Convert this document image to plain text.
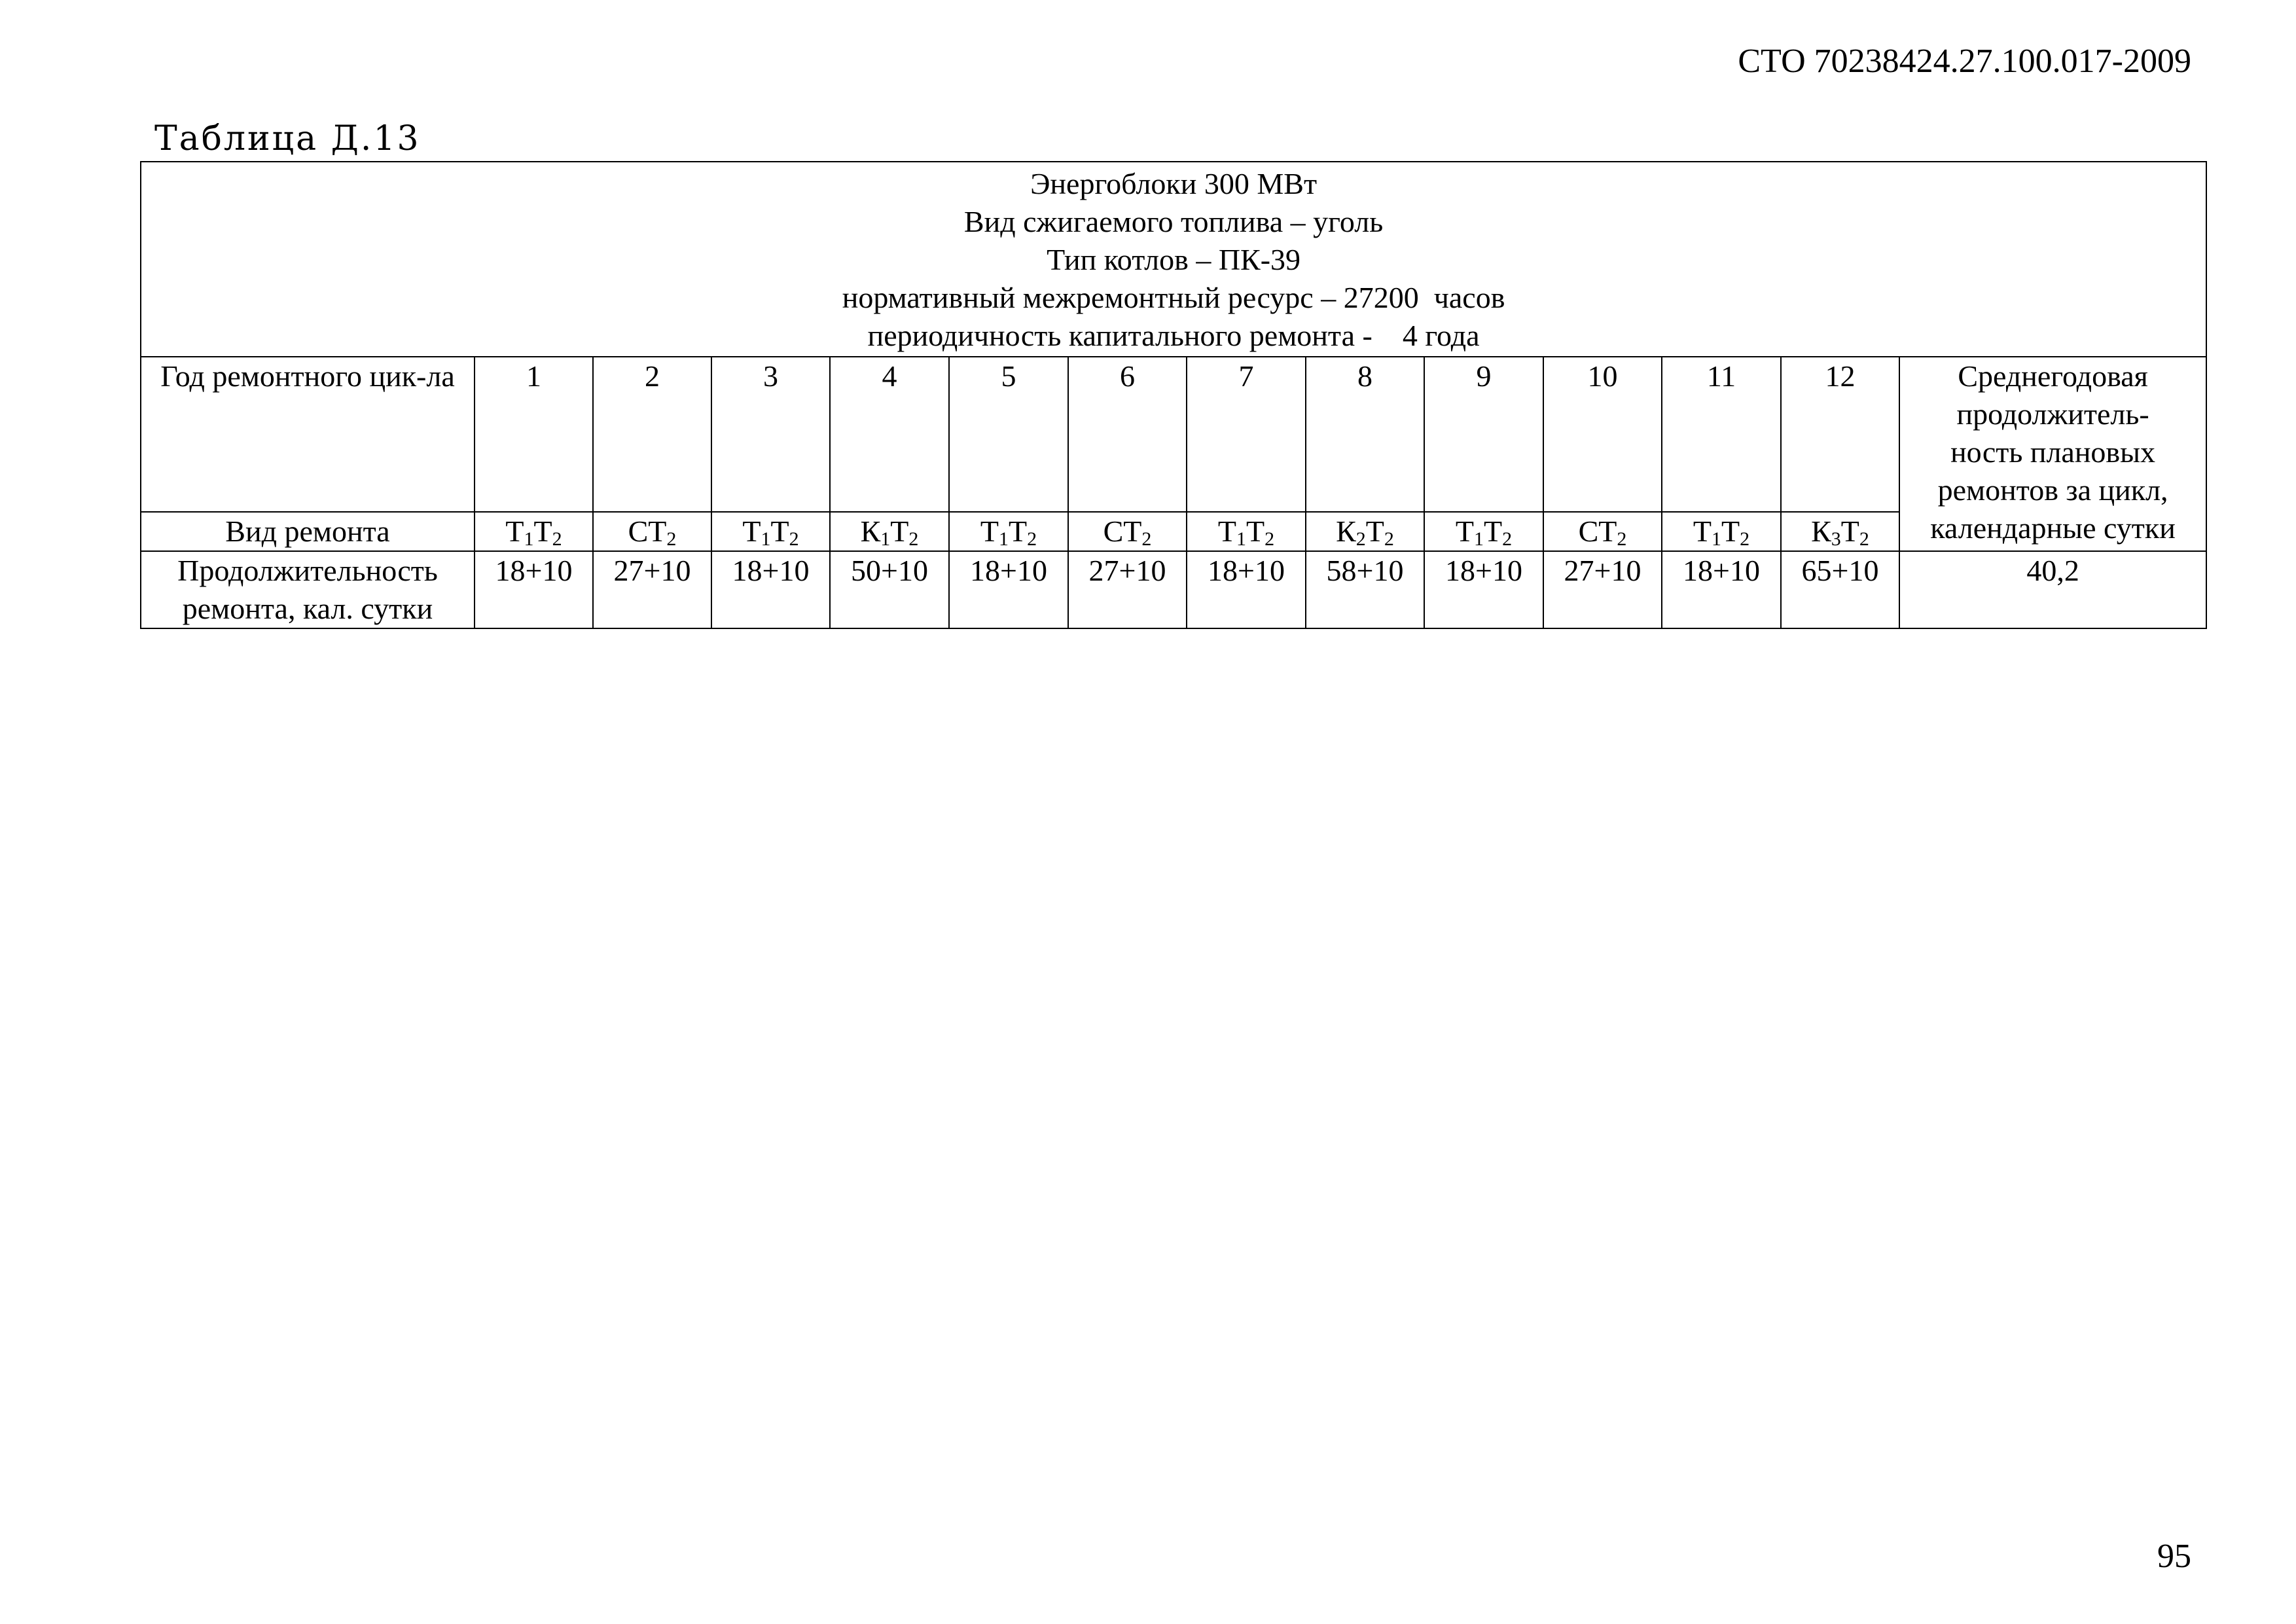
СТО 70238424.27.100.017-2009
Таблица Д.13
Энергоблоки 300 МВт
Вид сжигаемого топлива – уголь
Тип котлов – ПК-39
нормативный межремонтный ресурс – 27200  часов
периодичность капитального ремонта -    4 года													

Год ремонтного цик-ла	1	2	3	4	5	6	7	8	9	10	11	12	Среднегодовая
продолжитель-
ность плановых
ремонтов за цикл,
календарные сутки

Вид ремонта	$Т_1Т_2$	$СТ_2$	$Т_1Т_2$	$К_1Т_2$	$Т_1Т_2$	$СТ_2$	$Т_1Т_2$	$К_2Т_2$	$Т_1Т_2$	$СТ_2$	$Т_1Т_2$	$К_3Т_2$
Продолжительность ремонта, кал. сутки	18+10	27+10	18+10	50+10	18+10	27+10	18+10	58+10	18+10	27+10	18+10	65+10	40,2
95
